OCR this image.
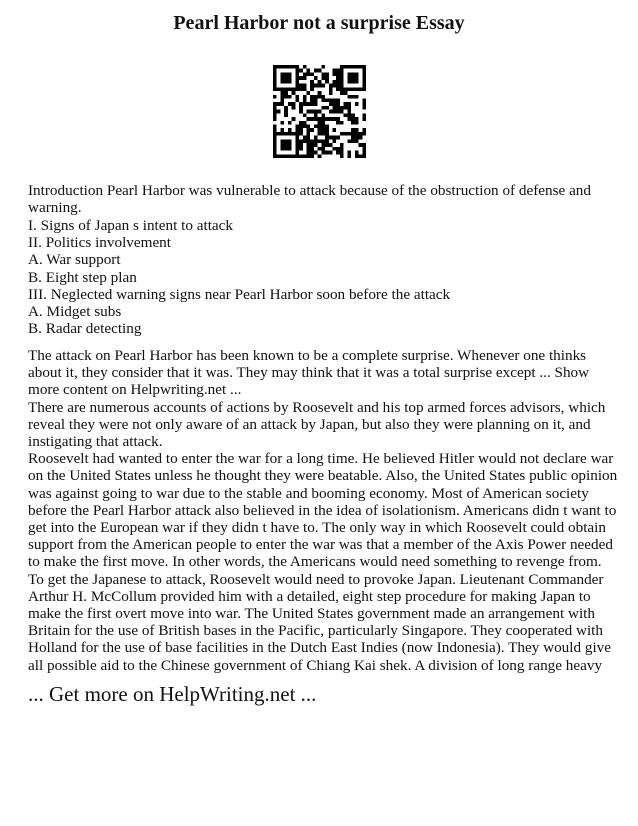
Pearl Harbor not a surprise Essay
Introduction Pearl Harbor was vulnerable to attack because of the obstruction of defense and warning.

I. Signs of Japan s intent to attack

II. Politics involvement

A. War support

B. Eight step plan

III. Neglected warning signs near Pearl Harbor soon before the attack

A. Midget subs

B. Radar detecting

The attack on Pearl Harbor has been known to be a complete surprise. Whenever one thinks about it, they consider that it was. They may think that it was a total surprise except ... Show more content on Helpwriting.net ...

There are numerous accounts of actions by Roosevelt and his top armed forces advisors, which reveal they were not only aware of an attack by Japan, but also they were planning on it, and instigating that attack.

Roosevelt had wanted to enter the war for a long time. He believed Hitler would not declare war on the United States unless he thought they were beatable. Also, the United States public opinion was against going to war due to the stable and booming economy. Most of American society before the Pearl Harbor attack also believed in the idea of isolationism. Americans didn t want to get into the European war if they didn t have to. The only way in which Roosevelt could obtain support from the American people to enter the war was that a member of the Axis Power needed to make the first move. In other words, the Americans would need something to revenge from.

To get the Japanese to attack, Roosevelt would need to provoke Japan. Lieutenant Commander Arthur H. McCollum provided him with a detailed, eight step procedure for making Japan to make the first overt move into war. The United States government made an arrangement with Britain for the use of British bases in the Pacific, particularly Singapore. They cooperated with Holland for the use of base facilities in the Dutch East Indies (now Indonesia). They would give all possible aid to the Chinese government of Chiang Kai shek. A division of long range heavy

... Get more on HelpWriting.net ...
